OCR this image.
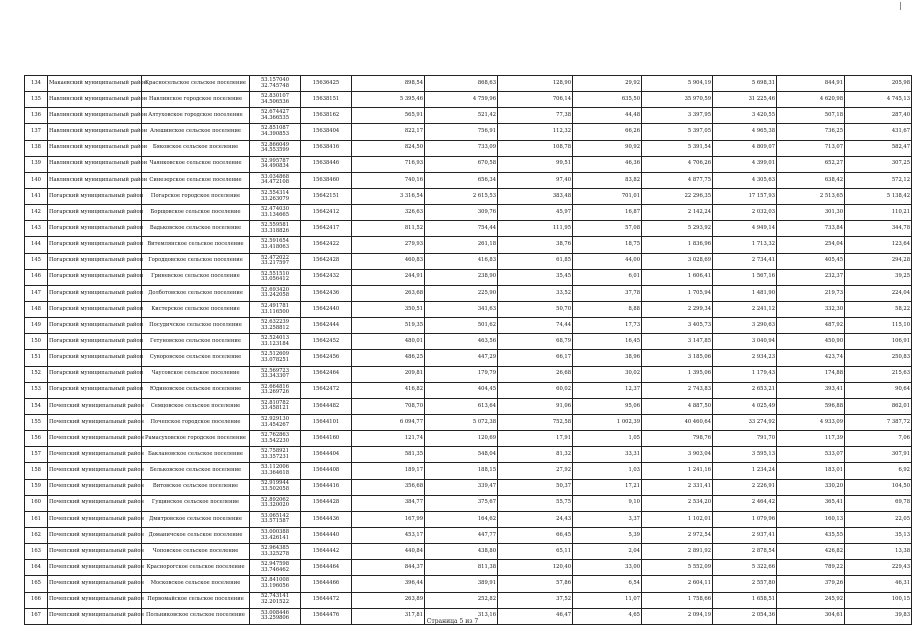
134	Макаевский муниципальный район	Красносельское сельское поселение	53.157040
32.745748	15636425	898,54	868,63	128,90	29,92	5 904,19	5 698,31	844,91	205,98
135	Навлинский муниципальный район	Навлинское городское поселение	52.830107
34.506536	15638151	5 395,46	4 759,96	706,14	635,50	35 970,59	31 225,46	4 620,98	4 745,13
136	Навлинский муниципальный район	Алтуховское городское поселение	52.674427
34.366535	15638162	565,91	521,42	77,38	44,48	3 397,95	3 420,55	507,18	287,40
137	Навлинский муниципальный район	Алешинское сельское поселение	52.851087
34.390853	15638404	822,17	756,91	112,32	66,26	5 397,05	4 965,38	736,25	431,67
138	Навлинский муниципальный район	Бяковское сельское поселение	52.866049
34.553599	15638416	824,50	733,09	108,78	90,92	5 391,54	4 809,07	713,07	582,47
139	Навлинский муниципальный район	Чаянковское сельское поселение	52.995787
34.490834	15638446	716,93	670,58	99,51	46,36	4 706,26	4 399,01	652,27	307,25
140	Навлинский муниципальный район	Синезерское сельское поселение	53.034868
34.472108	15638460	740,16	656,34	97,40	83,82	4 877,75	4 305,63	638,42	572,12
141	Погарский муниципальный район	Погарское городское поселение	52.554314
33.263079	15642151	3 316,54	2 615,53	383,48	701,01	22 296,35	17 157,93	2 513,65	5 138,42
142	Погарский муниципальный район	Борщовское сельское поселение	52.474030
33.134665	15642412	326,63	309,76	45,97	16,87	2 142,24	2 032,03	301,30	110,21
143	Погарский муниципальный район	Вадьковское сельское поселение	52.559581
33.318826	15642417	811,52	754,44	111,95	57,08	5 293,92	4 949,14	733,84	344,78
144	Погарский муниципальный район	Витемлянское сельское поселение	52.591654
33.418063	15642422	279,93	261,18	38,76	18,75	1 836,96	1 713,32	254,04	123,64
145	Погарский муниципальный район	Городцовское сельское поселение	52.472022
33.217597	15642428	460,83	416,83	61,85	44,00	3 028,69	2 734,41	405,45	294,28
146	Погарский муниципальный район	Гриневское сельское поселение	52.551510
33.056412	15642432	244,91	238,90	35,45	6,01	1 606,41	1 567,16	232,37	39,25
147	Погарский муниципальный район	Долботовское сельское поселение	52.693420
33.242058	15642436	263,68	225,90	33,52	37,78	1 705,94	1 481,90	219,73	224,04
148	Погарский муниципальный район	Кистерское сельское поселение	52.491781
33.116500	15642440	350,51	341,63	50,70	8,88	2 299,34	2 241,12	332,30	58,22
149	Погарский муниципальный район	Посудичское сельское поселение	52.632239
33.258812	15642444	519,35	501,62	74,44	17,73	3 405,73	3 290,63	487,92	115,10
150	Погарский муниципальный район	Гетуновское сельское поселение	52.524013
33.123184	15642452	480,01	463,56	68,79	16,45	3 147,85	3 040,94	450,90	106,91
151	Погарский муниципальный район	Суворовское сельское поселение	52.512609
33.078251	15642456	486,25	447,29	66,17	38,96	3 185,06	2 934,23	423,74	250,83
152	Погарский муниципальный район	Чаусовское сельское поселение	52.569723
33.343307	15642464	209,81	179,79	26,68	30,02	1 395,06	1 179,43	174,88	215,63
153	Погарский муниципальный район	Юдиновское сельское поселение	52.664816
33.269726	15642472	416,82	404,45	60,02	12,37	2 743,83	2 653,21	393,41	90,64
154	Почепский муниципальный район	Семцовское сельское поселение	52.810782
33.458121	15644482	708,70	613,64	91,06	95,06	4 887,50	4 025,49	596,88	862,01
155	Почепский муниципальный район	Почепское городское поселение	52.929130
33.454267	15644101	6 094,77	5 072,38	752,58	1 002,39	40 460,64	33 274,92	4 933,09	7 387,72
156	Почепский муниципальный район	Рамасуховское городское поселение	52.762863
33.542230	15644160	121,74	120,69	17,91	1,05	798,76	791,70	117,39	7,06
157	Почепский муниципальный район	Баклановское сельское поселение	52.758921
33.357231	15644404	581,35	548,04	81,32	33,31	3 903,04	3 595,13	533,07	307,91
158	Почепский муниципальный район	Бельковское сельское поселение	53.112006
33.364618	15644408	189,17	188,15	27,92	1,03	1 241,16	1 234,24	183,01	6,92
159	Почепский муниципальный район	Витовское сельское поселение	52.919944
33.502058	15644416	356,68	339,47	50,37	17,21	2 331,41	2 226,91	330,20	104,50
160	Почепский муниципальный район	Гущинское сельское поселение	52.892062
33.320020	15644428	384,77	375,67	55,75	9,10	2 534,20	2 464,42	365,41	69,78
161	Почепский муниципальный район	Дмитровское сельское поселение	53.065142
33.571587	15644436	167,99	164,62	24,43	3,37	1 102,01	1 079,96	160,13	22,05
162	Почепский муниципальный район	Доманичское сельское поселение	53.000388
33.426141	15644440	453,17	447,77	66,45	5,39	2 972,54	2 937,41	435,55	35,13
163	Почепский муниципальный район	Чоповское сельское поселение	52.964385
33.325278	15644442	440,84	438,80	65,11	2,04	2 891,92	2 878,54	426,82	13,38
164	Почепский муниципальный район	Краснорогское сельское поселение	52.947598
33.746462	15644464	844,37	811,38	120,40	33,00	5 552,09	5 322,66	789,22	229,43
165	Почепский муниципальный район	Московское сельское поселение	52.841008
33.196056	15644466	396,44	389,91	57,86	6,54	2 604,11	2 557,80	379,26	46,31
166	Почепский муниципальный район	Первомайское сельское поселение	52.743141
32.201522	15644472	263,89	252,82	37,52	11,07	1 758,66	1 658,51	245,92	100,15
167	Почепский муниципальный район	Польниковское сельское поселение	53.008446
33.259806	15644476	317,81	313,16	46,47	4,65	2 094,19	2 054,36	304,61	39,83
Страница 5 из 7
